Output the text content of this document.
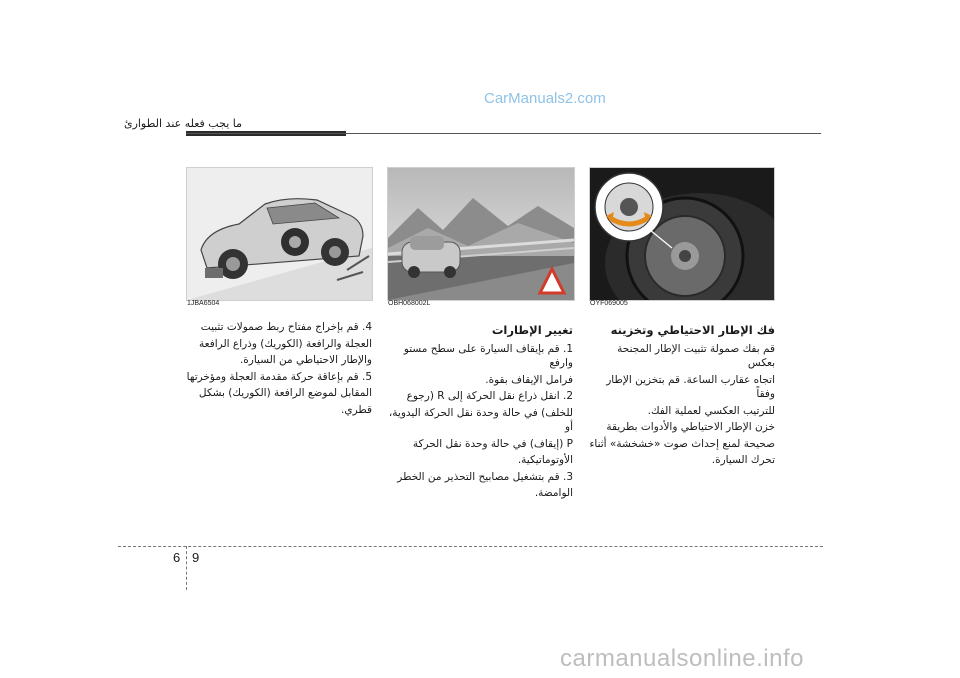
CarManuals2.com
ما يجب فعله عند الطوارئ
OYF069005
OBH068002L
1JBA6504
فك الإطار الاحتياطي وتخزينه

قم بفك صمولة تثبيت الإطار المجنحة بعكس

اتجاه عقارب الساعة. قم بتخزين الإطار وفقاً

للترتيب العكسي لعملية الفك.

خزن الإطار الاحتياطي والأدوات بطريقة

صحيحة لمنع إحداث صوت «خشخشة» أثناء

تحرك السيارة.

تغيير الإطارات

1. قم بإيقاف السيارة على سطح مستو وارفع

فرامل الإيقاف بقوة.

2. انقل ذراع نقل الحركة إلى R (رجوع

للخلف) في حالة وحدة نقل الحركة اليدوية، أو

P (إيقاف) في حالة وحدة نقل الحركة

الأوتوماتيكية.

3. قم بتشغيل مصابيح التحذير من الخطر

الوامضة.

4. قم بإخراج مفتاح ربط صمولات تثبيت

العجلة والرافعة (الكوريك) وذراع الرافعة

والإطار الاحتياطي من السيارة.

5. قم بإعاقة حركة مقدمة العجلة ومؤخرتها

المقابل لموضع الرافعة (الكوريك) بشكل

قطري.

6 9
carmanualsonline.info
